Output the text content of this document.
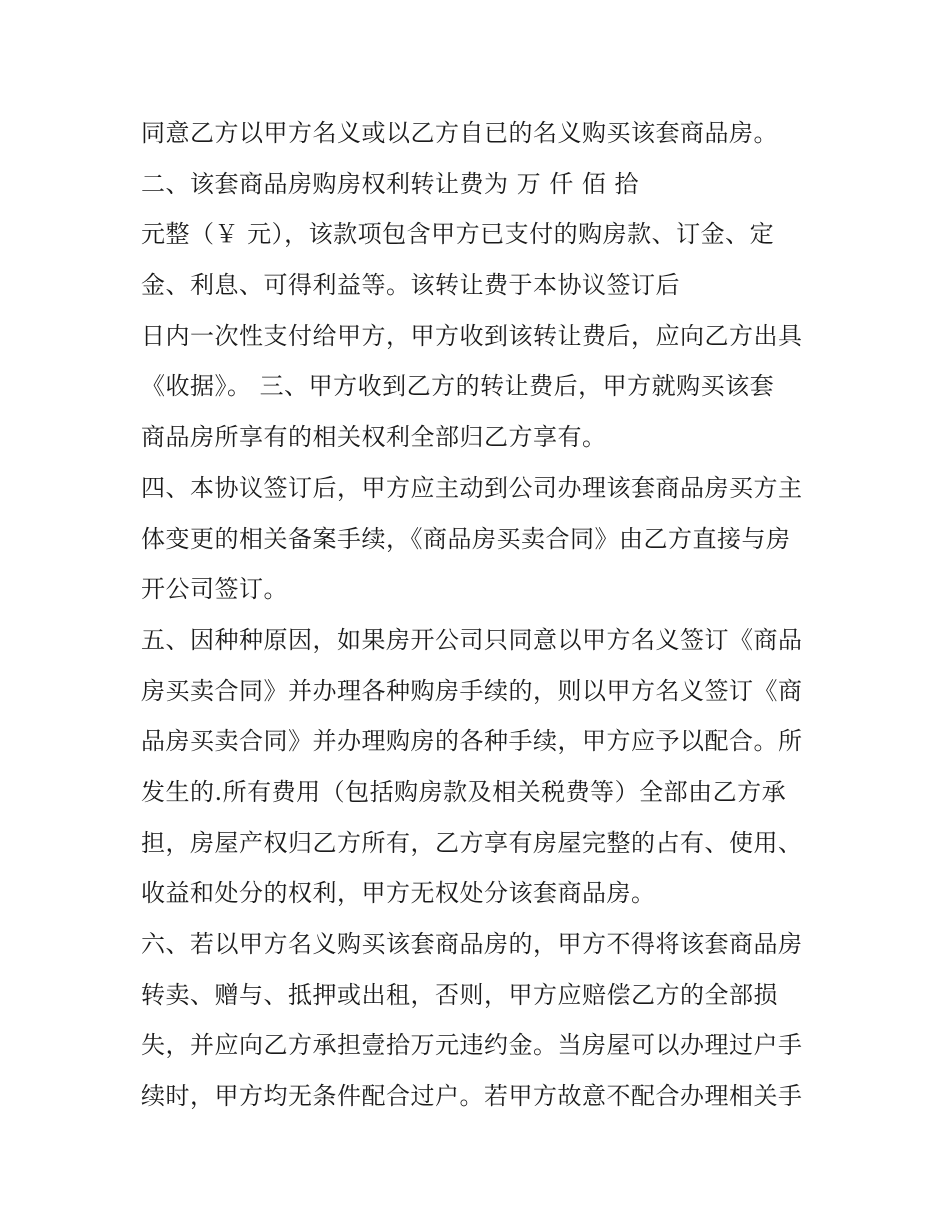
同意乙方以甲方名义或以乙方自已的名义购买该套商品房。
二、该套商品房购房权利转让费为 万 仟 佰 拾
元整（￥ 元），该款项包含甲方已支付的购房款、订金、定
金、利息、可得利益等。该转让费于本协议签订后
日内一次性支付给甲方，甲方收到该转让费后，应向乙方出具
《收据》。 三、甲方收到乙方的转让费后，甲方就购买该套
商品房所享有的相关权利全部归乙方享有。
四、本协议签订后，甲方应主动到公司办理该套商品房买方主
体变更的相关备案手续，《商品房买卖合同》由乙方直接与房
开公司签订。
五、因种种原因，如果房开公司只同意以甲方名义签订《商品
房买卖合同》并办理各种购房手续的，则以甲方名义签订《商
品房买卖合同》并办理购房的各种手续，甲方应予以配合。所
发生的.所有费用（包括购房款及相关税费等）全部由乙方承
担，房屋产权归乙方所有，乙方享有房屋完整的占有、使用、
收益和处分的权利，甲方无权处分该套商品房。
六、若以甲方名义购买该套商品房的，甲方不得将该套商品房
转卖、赠与、抵押或出租，否则，甲方应赔偿乙方的全部损
失，并应向乙方承担壹拾万元违约金。当房屋可以办理过户手
续时，甲方均无条件配合过户。若甲方故意不配合办理相关手
